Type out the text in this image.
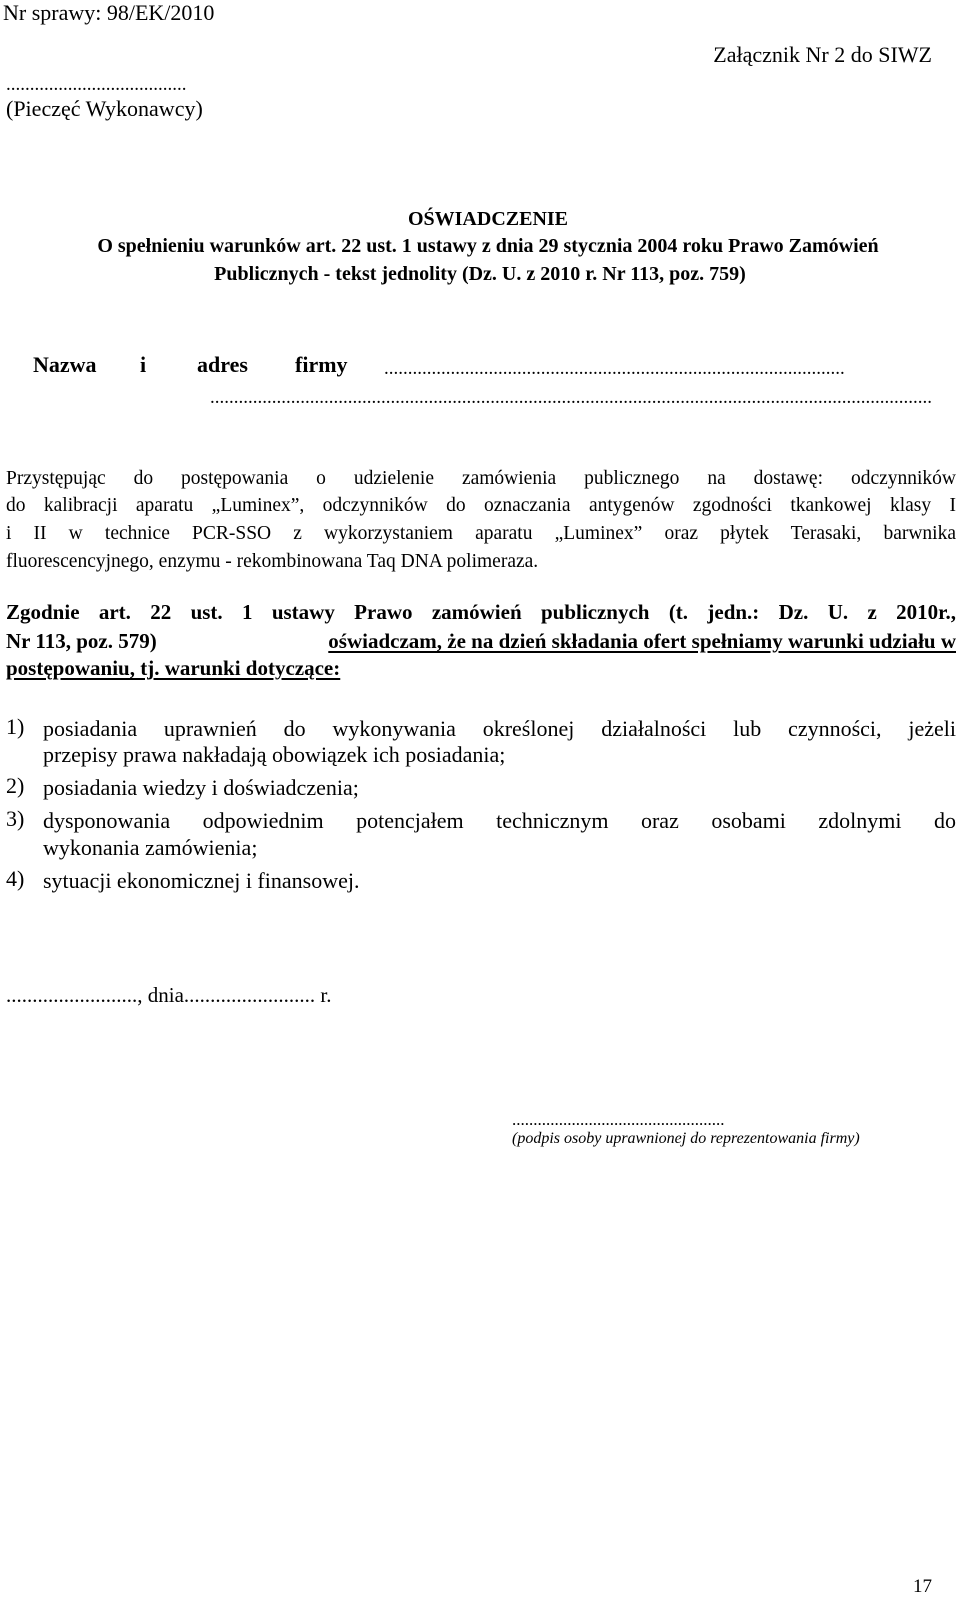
Nr sprawy: 98/EK/2010
Załącznik Nr 2 do SIWZ
......................................
(Pieczęć Wykonawcy)
OŚWIADCZENIE
O spełnieniu warunków art. 22 ust. 1 ustawy z dnia 29 stycznia 2004 roku Prawo Zamówień
Publicznych - tekst jednolity (Dz. U. z 2010 r. Nr 113, poz. 759)
Nazwa i adres firmy .................................................................................................
........................................................................................................................................................
Przystępując do postępowania o udzielenie zamówienia publicznego na dostawę: odczynników
do kalibracji aparatu „Luminex”, odczynników do oznaczania antygenów zgodności tkankowej klasy I
i II w technice PCR-SSO z wykorzystaniem aparatu „Luminex” oraz płytek Terasaki, barwnika
fluorescencyjnego, enzymu - rekombinowana Taq DNA polimeraza.
Zgodnie art. 22 ust. 1 ustawy Prawo zamówień publicznych (t. jedn.: Dz. U. z 2010r.,
Nr 113, poz. 579)	oświadczam, że na dzień składania ofert spełniamy warunki udziału w
postępowaniu, tj. warunki dotyczące:
1) posiadania uprawnień do wykonywania określonej działalności lub czynności, jeżeli
przepisy prawa nakładają obowiązek ich posiadania;
2) posiadania wiedzy i doświadczenia;
3) dysponowania odpowiednim potencjałem technicznym oraz osobami zdolnymi do
wykonania zamówienia;
4) sytuacji ekonomicznej i finansowej.
........................., dnia......................... r.
..................................................
(podpis osoby uprawnionej do reprezentowania firmy)
17
